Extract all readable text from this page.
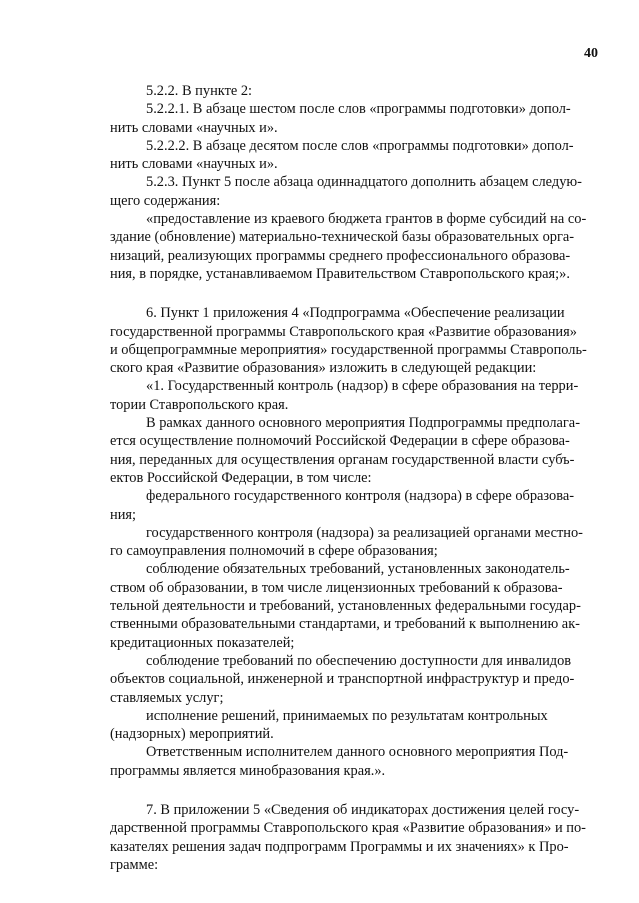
40

5.2.2. В пункте 2:

5.2.2.1. В абзаце шестом после слов «программы подготовки» допол-
нить словами «научных и».

5.2.2.2. В абзаце десятом после слов «программы подготовки» допол-
нить словами «научных и».

5.2.3. Пункт 5 после абзаца одиннадцатого дополнить абзацем следую-
щего содержания:

«предоставление из краевого бюджета грантов в форме субсидий на со-
здание (обновление) материально-технической базы образовательных орга-
низаций, реализующих программы среднего профессионального образова-
ния, в порядке, устанавливаемом Правительством Ставропольского края;».

6. Пункт 1 приложения 4 «Подпрограмма «Обеспечение реализации
государственной программы Ставропольского края «Развитие образования»
и общепрограммные мероприятия» государственной программы Ставрополь-
ского края «Развитие образования» изложить в следующей редакции:

«1. Государственный контроль (надзор) в сфере образования на терри-
тории Ставропольского края.

В рамках данного основного мероприятия Подпрограммы предполага-
ется осуществление полномочий Российской Федерации в сфере образова-
ния, переданных для осуществления органам государственной власти субъ-
ектов Российской Федерации, в том числе:

федерального государственного контроля (надзора) в сфере образова-
ния;

государственного контроля (надзора) за реализацией органами местно-
го самоуправления полномочий в сфере образования;

соблюдение обязательных требований, установленных законодатель-
ством об образовании, в том числе лицензионных требований к образова-
тельной деятельности и требований, установленных федеральными государ-
ственными образовательными стандартами, и требований к выполнению ак-
кредитационных показателей;

соблюдение требований по обеспечению доступности для инвалидов
объектов социальной, инженерной и транспортной инфраструктур и предо-
ставляемых услуг;

исполнение решений, принимаемых по результатам контрольных
(надзорных) мероприятий.

Ответственным исполнителем данного основного мероприятия Под-
программы является минобразования края.».

7. В приложении 5 «Сведения об индикаторах достижения целей госу-
дарственной программы Ставропольского края «Развитие образования» и по-
казателях решения задач подпрограмм Программы и их значениях» к Про-
грамме:
